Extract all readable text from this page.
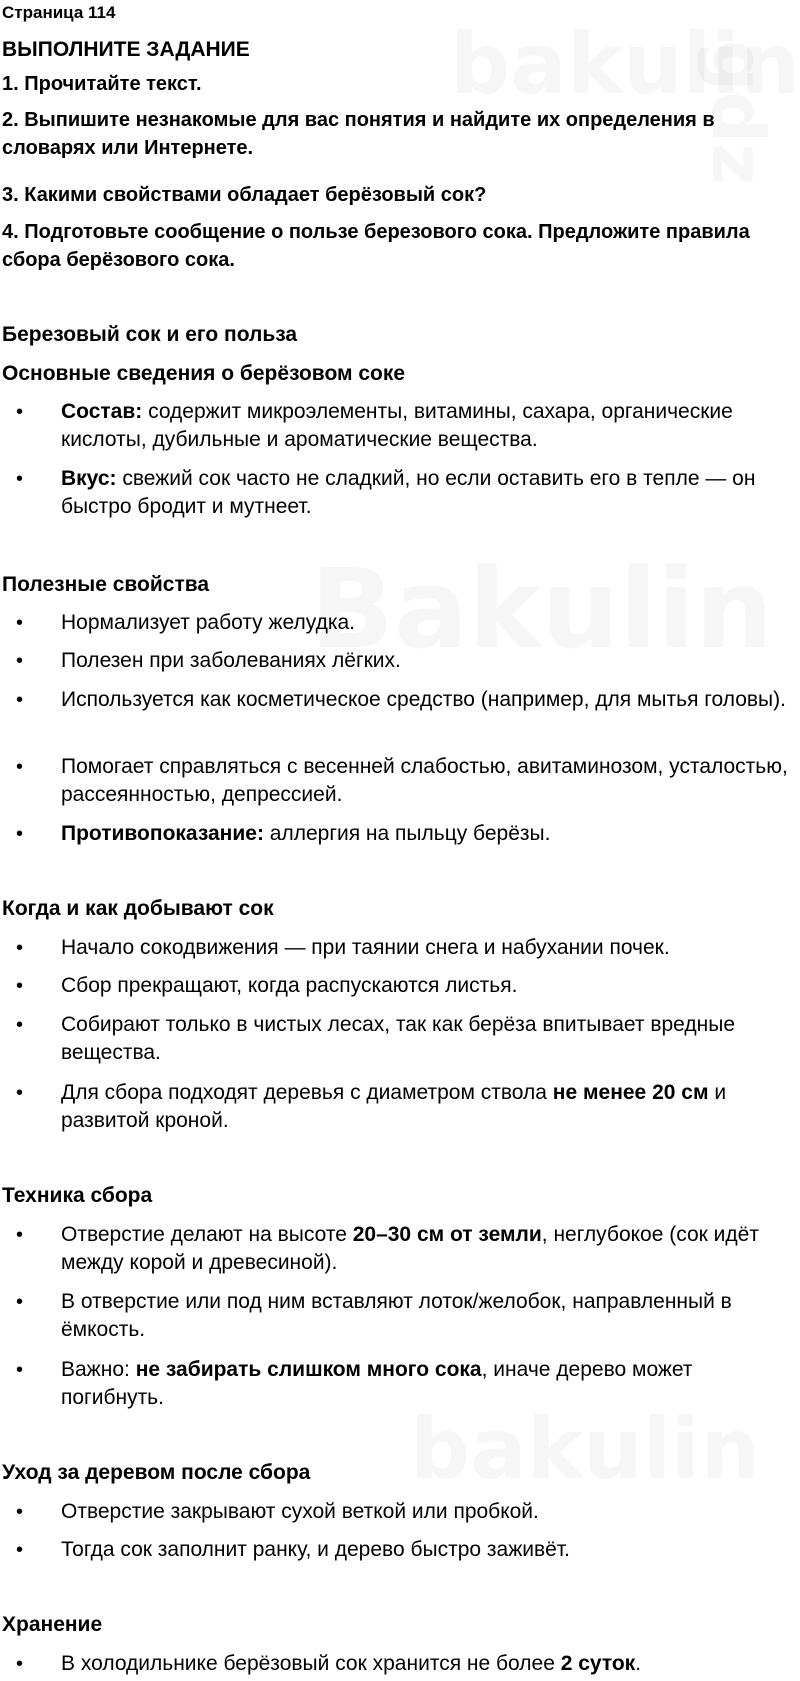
Страница 114
ВЫПОЛНИТЕ ЗАДАНИЕ
1. Прочитайте текст.
2. Выпишите незнакомые для вас понятия и найдите их определения в словарях или Интернете.
3. Какими свойствами обладает берёзовый сок?
4. Подготовьте сообщение о пользе березового сока. Предложите правила сбора берёзового сока.
Березовый сок и его польза
Основные сведения о берёзовом соке
• Состав: содержит микроэлементы, витамины, сахара, органические кислоты, дубильные и ароматические вещества.
• Вкус: свежий сок часто не сладкий, но если оставить его в тепле — он быстро бродит и мутнеет.
Полезные свойства
• Нормализует работу желудка.
• Полезен при заболеваниях лёгких.
• Используется как косметическое средство (например, для мытья головы).
• Помогает справляться с весенней слабостью, авитаминозом, усталостью, рассеянностью, депрессией.
• Противопоказание: аллергия на пыльцу берёзы.
Когда и как добывают сок
• Начало сокодвижения — при таянии снега и набухании почек.
• Сбор прекращают, когда распускаются листья.
• Собирают только в чистых лесах, так как берёза впитывает вредные вещества.
• Для сбора подходят деревья с диаметром ствола не менее 20 см и развитой кроной.
Техника сбора
• Отверстие делают на высоте 20–30 см от земли, неглубокое (сок идёт между корой и древесиной).
• В отверстие или под ним вставляют лоток/желобок, направленный в ёмкость.
• Важно: не забирать слишком много сока, иначе дерево может погибнуть.
Уход за деревом после сбора
• Отверстие закрывают сухой веткой или пробкой.
• Тогда сок заполнит ранку, и дерево быстро заживёт.
Хранение
• В холодильнике берёзовый сок хранится не более 2 суток.
